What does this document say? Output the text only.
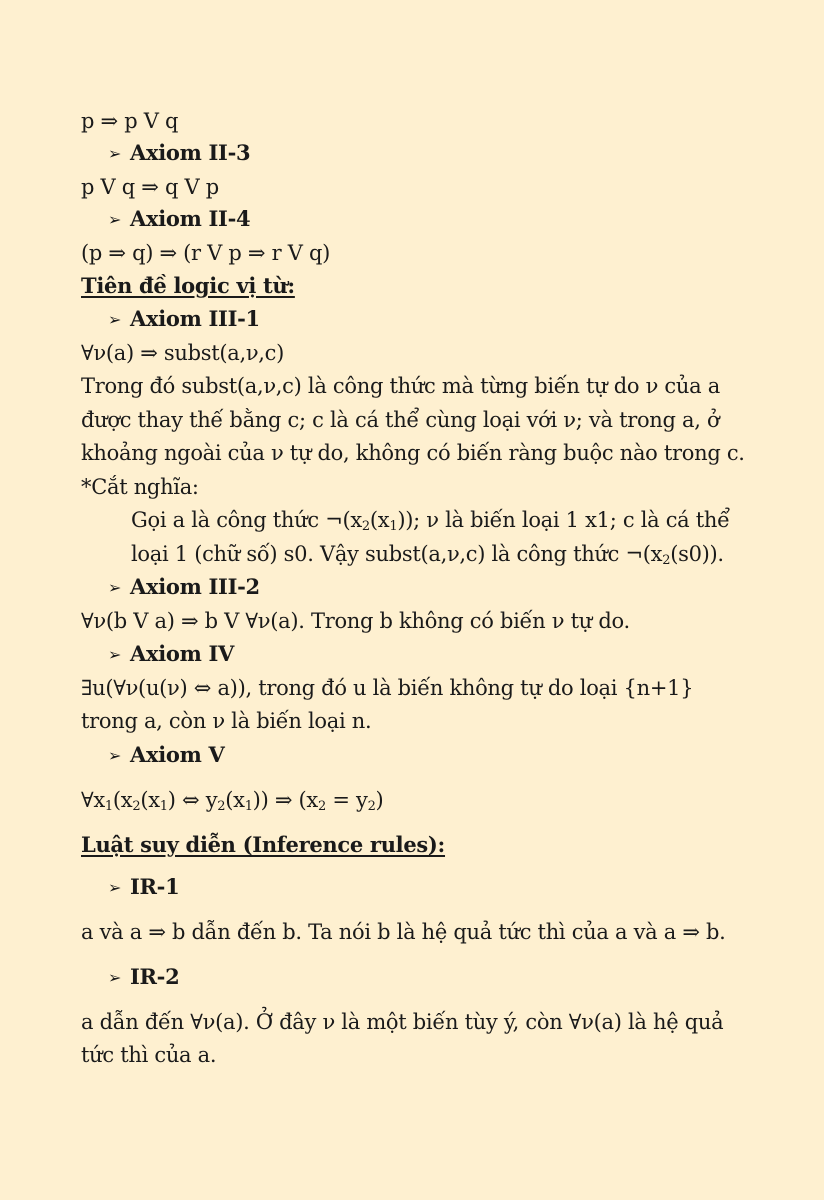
p ⇒ p V q
➢ Axiom II-3
p V q ⇒ q V p
➢ Axiom II-4
(p ⇒ q) ⇒ (r V p ⇒ r V q)
Tiên đề logic vị từ:
➢ Axiom III-1
∀ν(a) ⇒ subst(a,ν,c)
Trong đó subst(a,ν,c) là công thức mà từng biến tự do ν của a
được thay thế bằng c; c là cá thể cùng loại với ν; và trong a, ở
khoảng ngoài của ν tự do, không có biến ràng buộc nào trong c.
*Cắt nghĩa:
Gọi a là công thức $\neg(x_2(x_1))$; ν là biến loại 1 x1; c là cá thể
loại 1 (chữ số) s0. Vậy subst(a,ν,c) là công thức $\neg(x_2(s0))$.
➢ Axiom III-2
∀ν(b V a) ⇒ b V ∀ν(a). Trong b không có biến ν tự do.
➢ Axiom IV
∃u(∀ν(u(ν) ⇔ a)), trong đó u là biến không tự do loại {n+1}
trong a, còn ν là biến loại n.
➢ Axiom V
$\forall x_1(x_2(x_1)$ ⇔ $y_2(x_1)$) ⇒ $(x_2 = y_2)$
Luật suy diễn (Inference rules):
➢ IR-1
a và a ⇒ b dẫn đến b. Ta nói b là hệ quả tức thì của a và a ⇒ b.
➢ IR-2
a dẫn đến ∀ν(a). Ở đây ν là một biến tùy ý, còn ∀ν(a) là hệ quả
tức thì của a.
